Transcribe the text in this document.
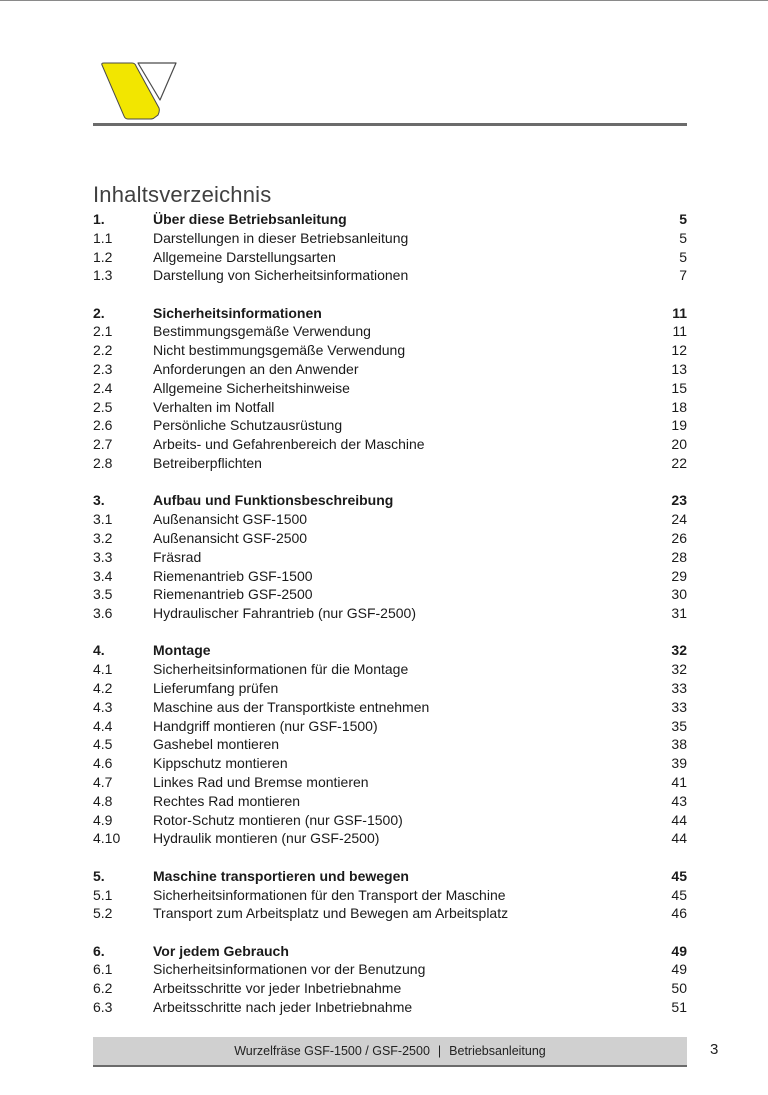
Inhaltsverzeichnis
1.	Über diese Betriebsanleitung	5
1.1	Darstellungen in dieser Betriebsanleitung	5
1.2	Allgemeine Darstellungsarten	5
1.3	Darstellung von Sicherheitsinformationen	7
2.	Sicherheitsinformationen	11
2.1	Bestimmungsgemäße Verwendung	11
2.2	Nicht bestimmungsgemäße Verwendung	12
2.3	Anforderungen an den Anwender	13
2.4	Allgemeine Sicherheitshinweise	15
2.5	Verhalten im Notfall	18
2.6	Persönliche Schutzausrüstung	19
2.7	Arbeits- und Gefahrenbereich der Maschine	20
2.8	Betreiberpflichten	22
3.	Aufbau und Funktionsbeschreibung	23
3.1	Außenansicht GSF-1500	24
3.2	Außenansicht GSF-2500	26
3.3	Fräsrad	28
3.4	Riemenantrieb GSF-1500	29
3.5	Riemenantrieb GSF-2500	30
3.6	Hydraulischer Fahrantrieb (nur GSF-2500)	31
4.	Montage	32
4.1	Sicherheitsinformationen für die Montage	32
4.2	Lieferumfang prüfen	33
4.3	Maschine aus der Transportkiste entnehmen	33
4.4	Handgriff montieren (nur GSF-1500)	35
4.5	Gashebel montieren	38
4.6	Kippschutz montieren	39
4.7	Linkes Rad und Bremse montieren	41
4.8	Rechtes Rad montieren	43
4.9	Rotor-Schutz montieren (nur GSF-1500)	44
4.10	Hydraulik montieren (nur GSF-2500)	44
5.	Maschine transportieren und bewegen	45
5.1	Sicherheitsinformationen für den Transport der Maschine	45
5.2	Transport zum Arbeitsplatz und Bewegen am Arbeitsplatz	46
6.	Vor jedem Gebrauch	49
6.1	Sicherheitsinformationen vor der Benutzung	49
6.2	Arbeitsschritte vor jeder Inbetriebnahme	50
6.3	Arbeitsschritte nach jeder Inbetriebnahme	51
Wurzelfräse GSF-1500 / GSF-2500 | Betriebsanleitung	3
